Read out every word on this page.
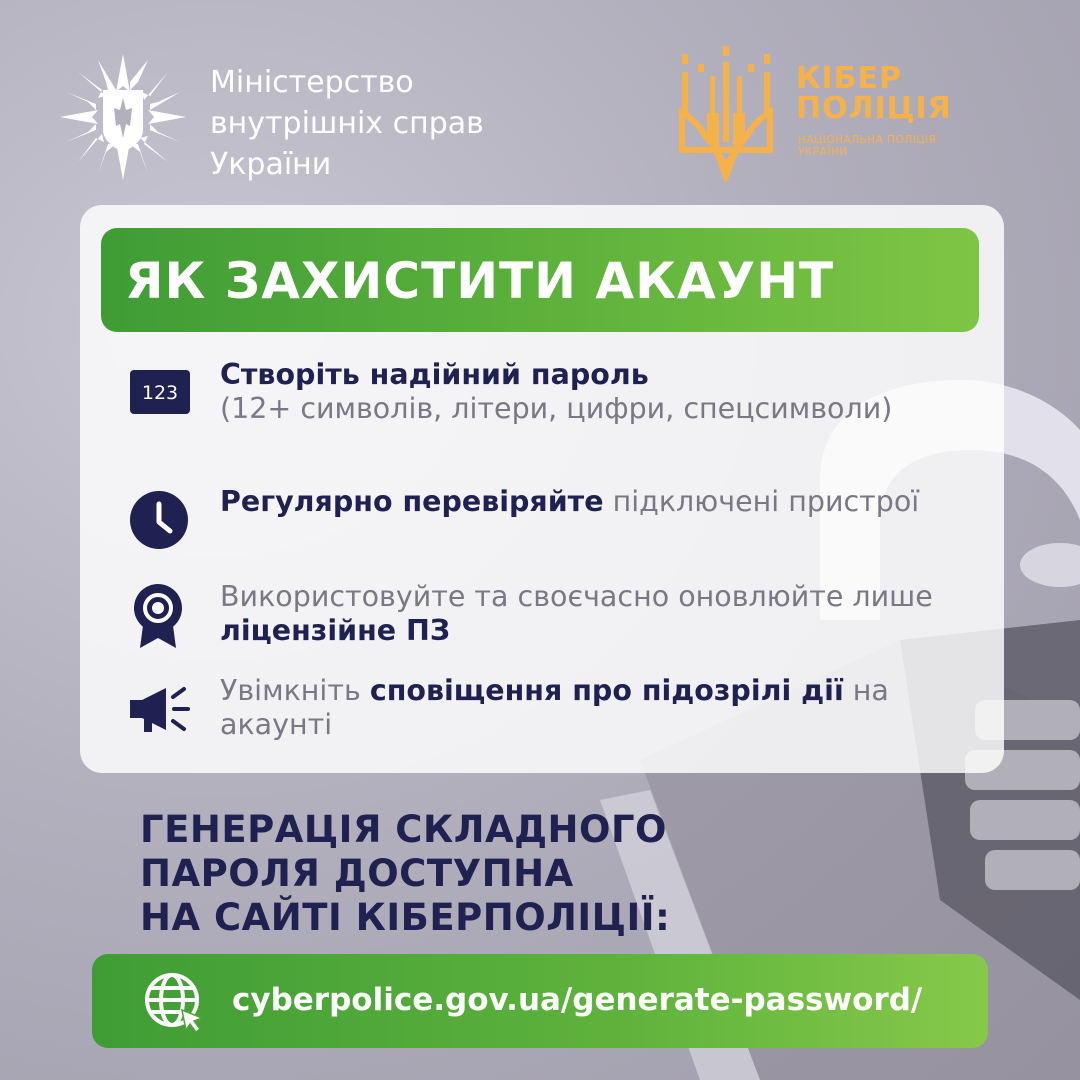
Міністерство
внутрішніх справ
України
КІБЕР
ПОЛІЦІЯ
НАЦІОНАЛЬНА ПОЛІЦІЯ
УКРАЇНИ
ЯК ЗАХИСТИТИ АКАУНТ
123
Створіть надійний пароль
(12+ символів, літери, цифри, спецсимволи)
Регулярно перевіряйте підключені пристрої
Використовуйте та своєчасно оновлюйте лише ліцензійне ПЗ
Увімкніть сповіщення про підозрілі дії на акаунті
ГЕНЕРАЦІЯ СКЛАДНОГО
ПАРОЛЯ ДОСТУПНА
НА САЙТІ КІБЕРПОЛІЦІЇ:
cyberpolice.gov.ua/generate-password/
